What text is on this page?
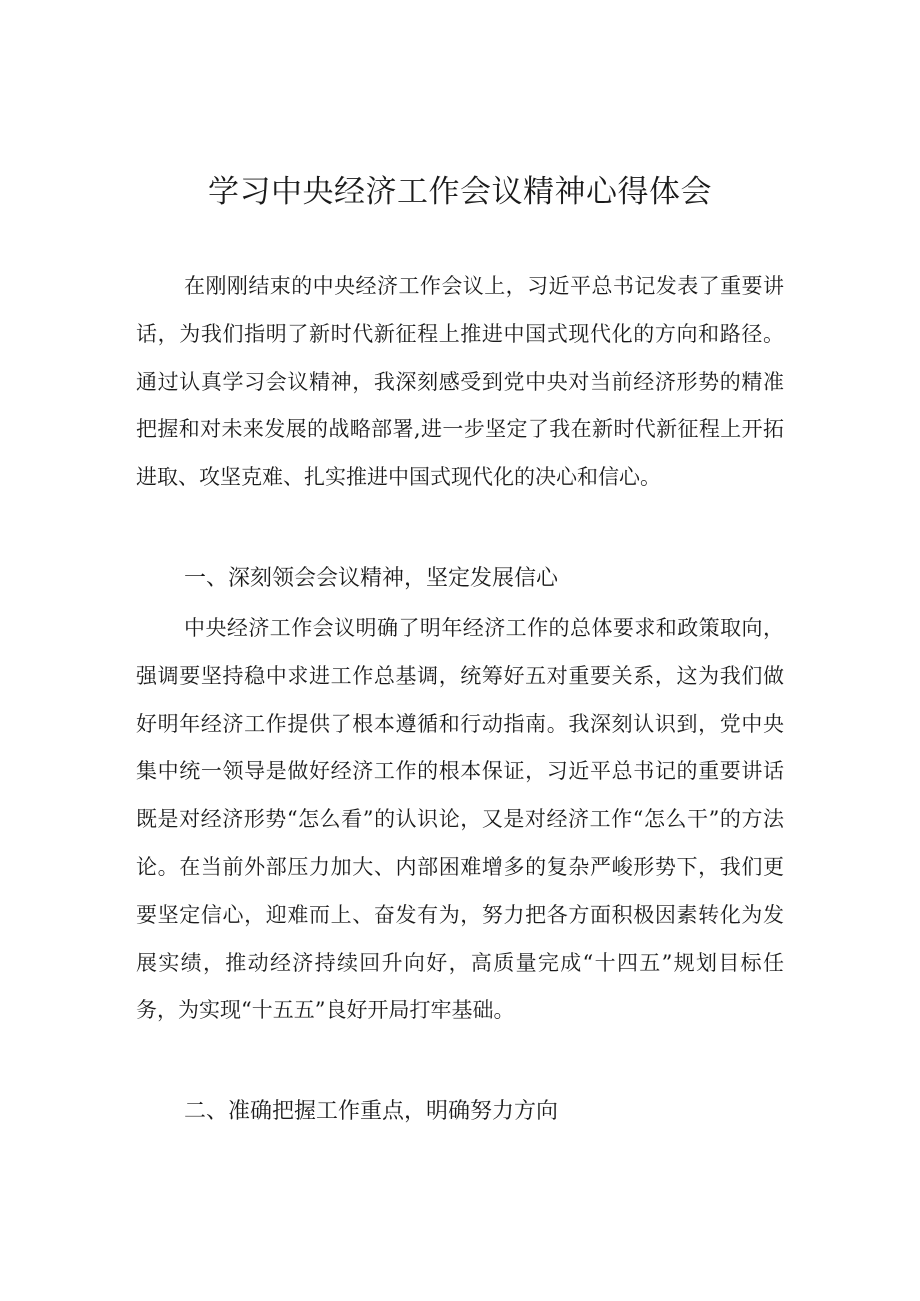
学习中央经济工作会议精神心得体会

在刚刚结束的中央经济工作会议上，习近平总书记发表了重要讲话，为我们指明了新时代新征程上推进中国式现代化的方向和路径。通过认真学习会议精神，我深刻感受到党中央对当前经济形势的精准把握和对未来发展的战略部署,进一步坚定了我在新时代新征程上开拓进取、攻坚克难、扎实推进中国式现代化的决心和信心。

一、深刻领会会议精神，坚定发展信心

中央经济工作会议明确了明年经济工作的总体要求和政策取向，强调要坚持稳中求进工作总基调，统筹好五对重要关系，这为我们做好明年经济工作提供了根本遵循和行动指南。我深刻认识到，党中央集中统一领导是做好经济工作的根本保证，习近平总书记的重要讲话既是对经济形势“怎么看”的认识论，又是对经济工作“怎么干”的方法论。在当前外部压力加大、内部困难增多的复杂严峻形势下，我们更要坚定信心，迎难而上、奋发有为，努力把各方面积极因素转化为发展实绩，推动经济持续回升向好，高质量完成“十四五”规划目标任务，为实现“十五五”良好开局打牢基础。

二、准确把握工作重点，明确努力方向
